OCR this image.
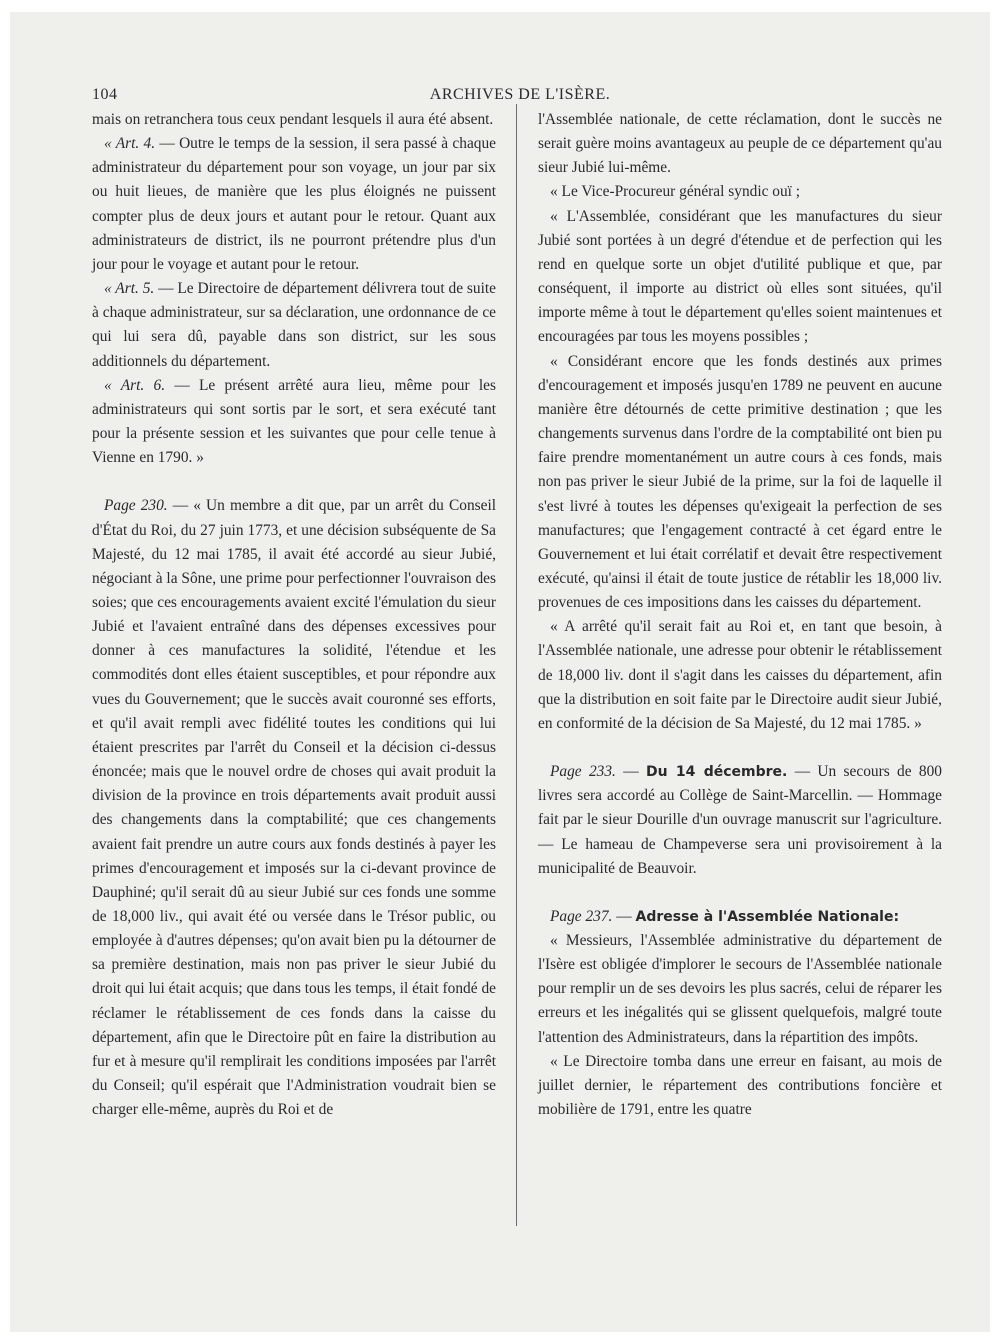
104	ARCHIVES DE L'ISÈRE.

mais on retranchera tous ceux pendant lesquels il aura été absent.

« Art. 4. — Outre le temps de la session, il sera passé à chaque administrateur du département pour son voyage, un jour par six ou huit lieues, de manière que les plus éloignés ne puissent compter plus de deux jours et autant pour le retour. Quant aux administrateurs de district, ils ne pourront prétendre plus d'un jour pour le voyage et autant pour le retour.

« Art. 5. — Le Directoire de département délivrera tout de suite à chaque administrateur, sur sa déclaration, une ordonnance de ce qui lui sera dû, payable dans son district, sur les sous additionnels du département.

« Art. 6. — Le présent arrêté aura lieu, même pour les administrateurs qui sont sortis par le sort, et sera exécuté tant pour la présente session et les suivantes que pour celle tenue à Vienne en 1790. »

Page 230. — « Un membre a dit que, par un arrêt du Conseil d'État du Roi, du 27 juin 1773, et une décision subséquente de Sa Majesté, du 12 mai 1785, il avait été accordé au sieur Jubié, négociant à la Sône, une prime pour perfectionner l'ouvraison des soies; que ces encouragements avaient excité l'émulation du sieur Jubié et l'avaient entraîné dans des dépenses excessives pour donner à ces manufactures la solidité, l'étendue et les commodités dont elles étaient susceptibles, et pour répondre aux vues du Gouvernement; que le succès avait couronné ses efforts, et qu'il avait rempli avec fidélité toutes les conditions qui lui étaient prescrites par l'arrêt du Conseil et la décision ci-dessus énoncée; mais que le nouvel ordre de choses qui avait produit la division de la province en trois départements avait produit aussi des changements dans la comptabilité; que ces changements avaient fait prendre un autre cours aux fonds destinés à payer les primes d'encouragement et imposés sur la ci-devant province de Dauphiné; qu'il serait dû au sieur Jubié sur ces fonds une somme de 18,000 liv., qui avait été ou versée dans le Trésor public, ou employée à d'autres dépenses; qu'on avait bien pu la détourner de sa première destination, mais non pas priver le sieur Jubié du droit qui lui était acquis; que dans tous les temps, il était fondé de réclamer le rétablissement de ces fonds dans la caisse du département, afin que le Directoire pût en faire la distribution au fur et à mesure qu'il remplirait les conditions imposées par l'arrêt du Conseil; qu'il espérait que l'Administration voudrait bien se charger elle-même, auprès du Roi et de

l'Assemblée nationale, de cette réclamation, dont le succès ne serait guère moins avantageux au peuple de ce département qu'au sieur Jubié lui-même.

« Le Vice-Procureur général syndic ouï ;

« L'Assemblée, considérant que les manufactures du sieur Jubié sont portées à un degré d'étendue et de perfection qui les rend en quelque sorte un objet d'utilité publique et que, par conséquent, il importe au district où elles sont situées, qu'il importe même à tout le département qu'elles soient maintenues et encouragées par tous les moyens possibles ;

« Considérant encore que les fonds destinés aux primes d'encouragement et imposés jusqu'en 1789 ne peuvent en aucune manière être détournés de cette primitive destination ; que les changements survenus dans l'ordre de la comptabilité ont bien pu faire prendre momentanément un autre cours à ces fonds, mais non pas priver le sieur Jubié de la prime, sur la foi de laquelle il s'est livré à toutes les dépenses qu'exigeait la perfection de ses manufactures; que l'engagement contracté à cet égard entre le Gouvernement et lui était corrélatif et devait être respectivement exécuté, qu'ainsi il était de toute justice de rétablir les 18,000 liv. provenues de ces impositions dans les caisses du département.

« A arrêté qu'il serait fait au Roi et, en tant que besoin, à l'Assemblée nationale, une adresse pour obtenir le rétablissement de 18,000 liv. dont il s'agit dans les caisses du département, afin que la distribution en soit faite par le Directoire audit sieur Jubié, en conformité de la décision de Sa Majesté, du 12 mai 1785. »

Page 233. — Du 14 décembre. — Un secours de 800 livres sera accordé au Collège de Saint-Marcellin. — Hommage fait par le sieur Dourille d'un ouvrage manuscrit sur l'agriculture. — Le hameau de Champeverse sera uni provisoirement à la municipalité de Beauvoir.

Page 237. — Adresse à l'Assemblée Nationale:

« Messieurs, l'Assemblée administrative du département de l'Isère est obligée d'implorer le secours de l'Assemblée nationale pour remplir un de ses devoirs les plus sacrés, celui de réparer les erreurs et les inégalités qui se glissent quelquefois, malgré toute l'attention des Administrateurs, dans la répartition des impôts.

« Le Directoire tomba dans une erreur en faisant, au mois de juillet dernier, le répartement des contributions foncière et mobilière de 1791, entre les quatre
